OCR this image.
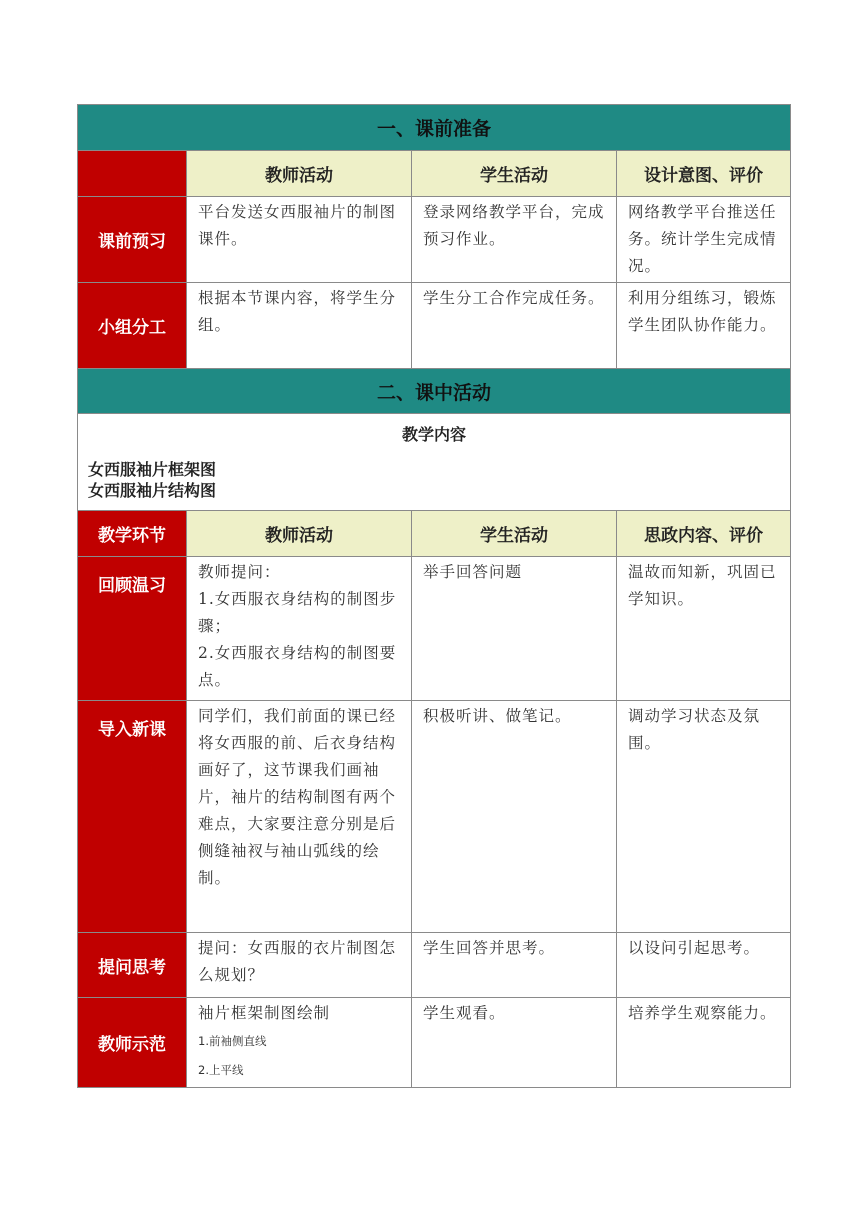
一、课前准备			
	教师活动	学生活动	设计意图、评价
课前预习	平台发送女西服袖片的制图课件。	登录网络教学平台，完成预习作业。	网络教学平台推送任务。统计学生完成情况。

小组分工	根据本节课内容，将学生分组。	学生分工合作完成任务。	利用分组练习，锻炼学生团队协作能力。

二、课中活动			

教学内容
女西服袖片框架图
女西服袖片结构图			

教学环节	教师活动	学生活动	思政内容、评价
回顾温习	教师提问：

1.女西服衣身结构的制图步骤；

2.女西服衣身结构的制图要点。	举手回答问题	温故而知新，巩固已学知识。

导入新课	同学们，我们前面的课已经将女西服的前、后衣身结构画好了，这节课我们画袖片，袖片的结构制图有两个难点，大家要注意分别是后侧缝袖衩与袖山弧线的绘制。	积极听讲、做笔记。	调动学习状态及氛围。

提问思考	提问：女西服的衣片制图怎么规划？	学生回答并思考。	以设问引起思考。

教师示范	袖片框架制图绘制

1.前袖侧直线

2.上平线	学生观看。	培养学生观察能力。
